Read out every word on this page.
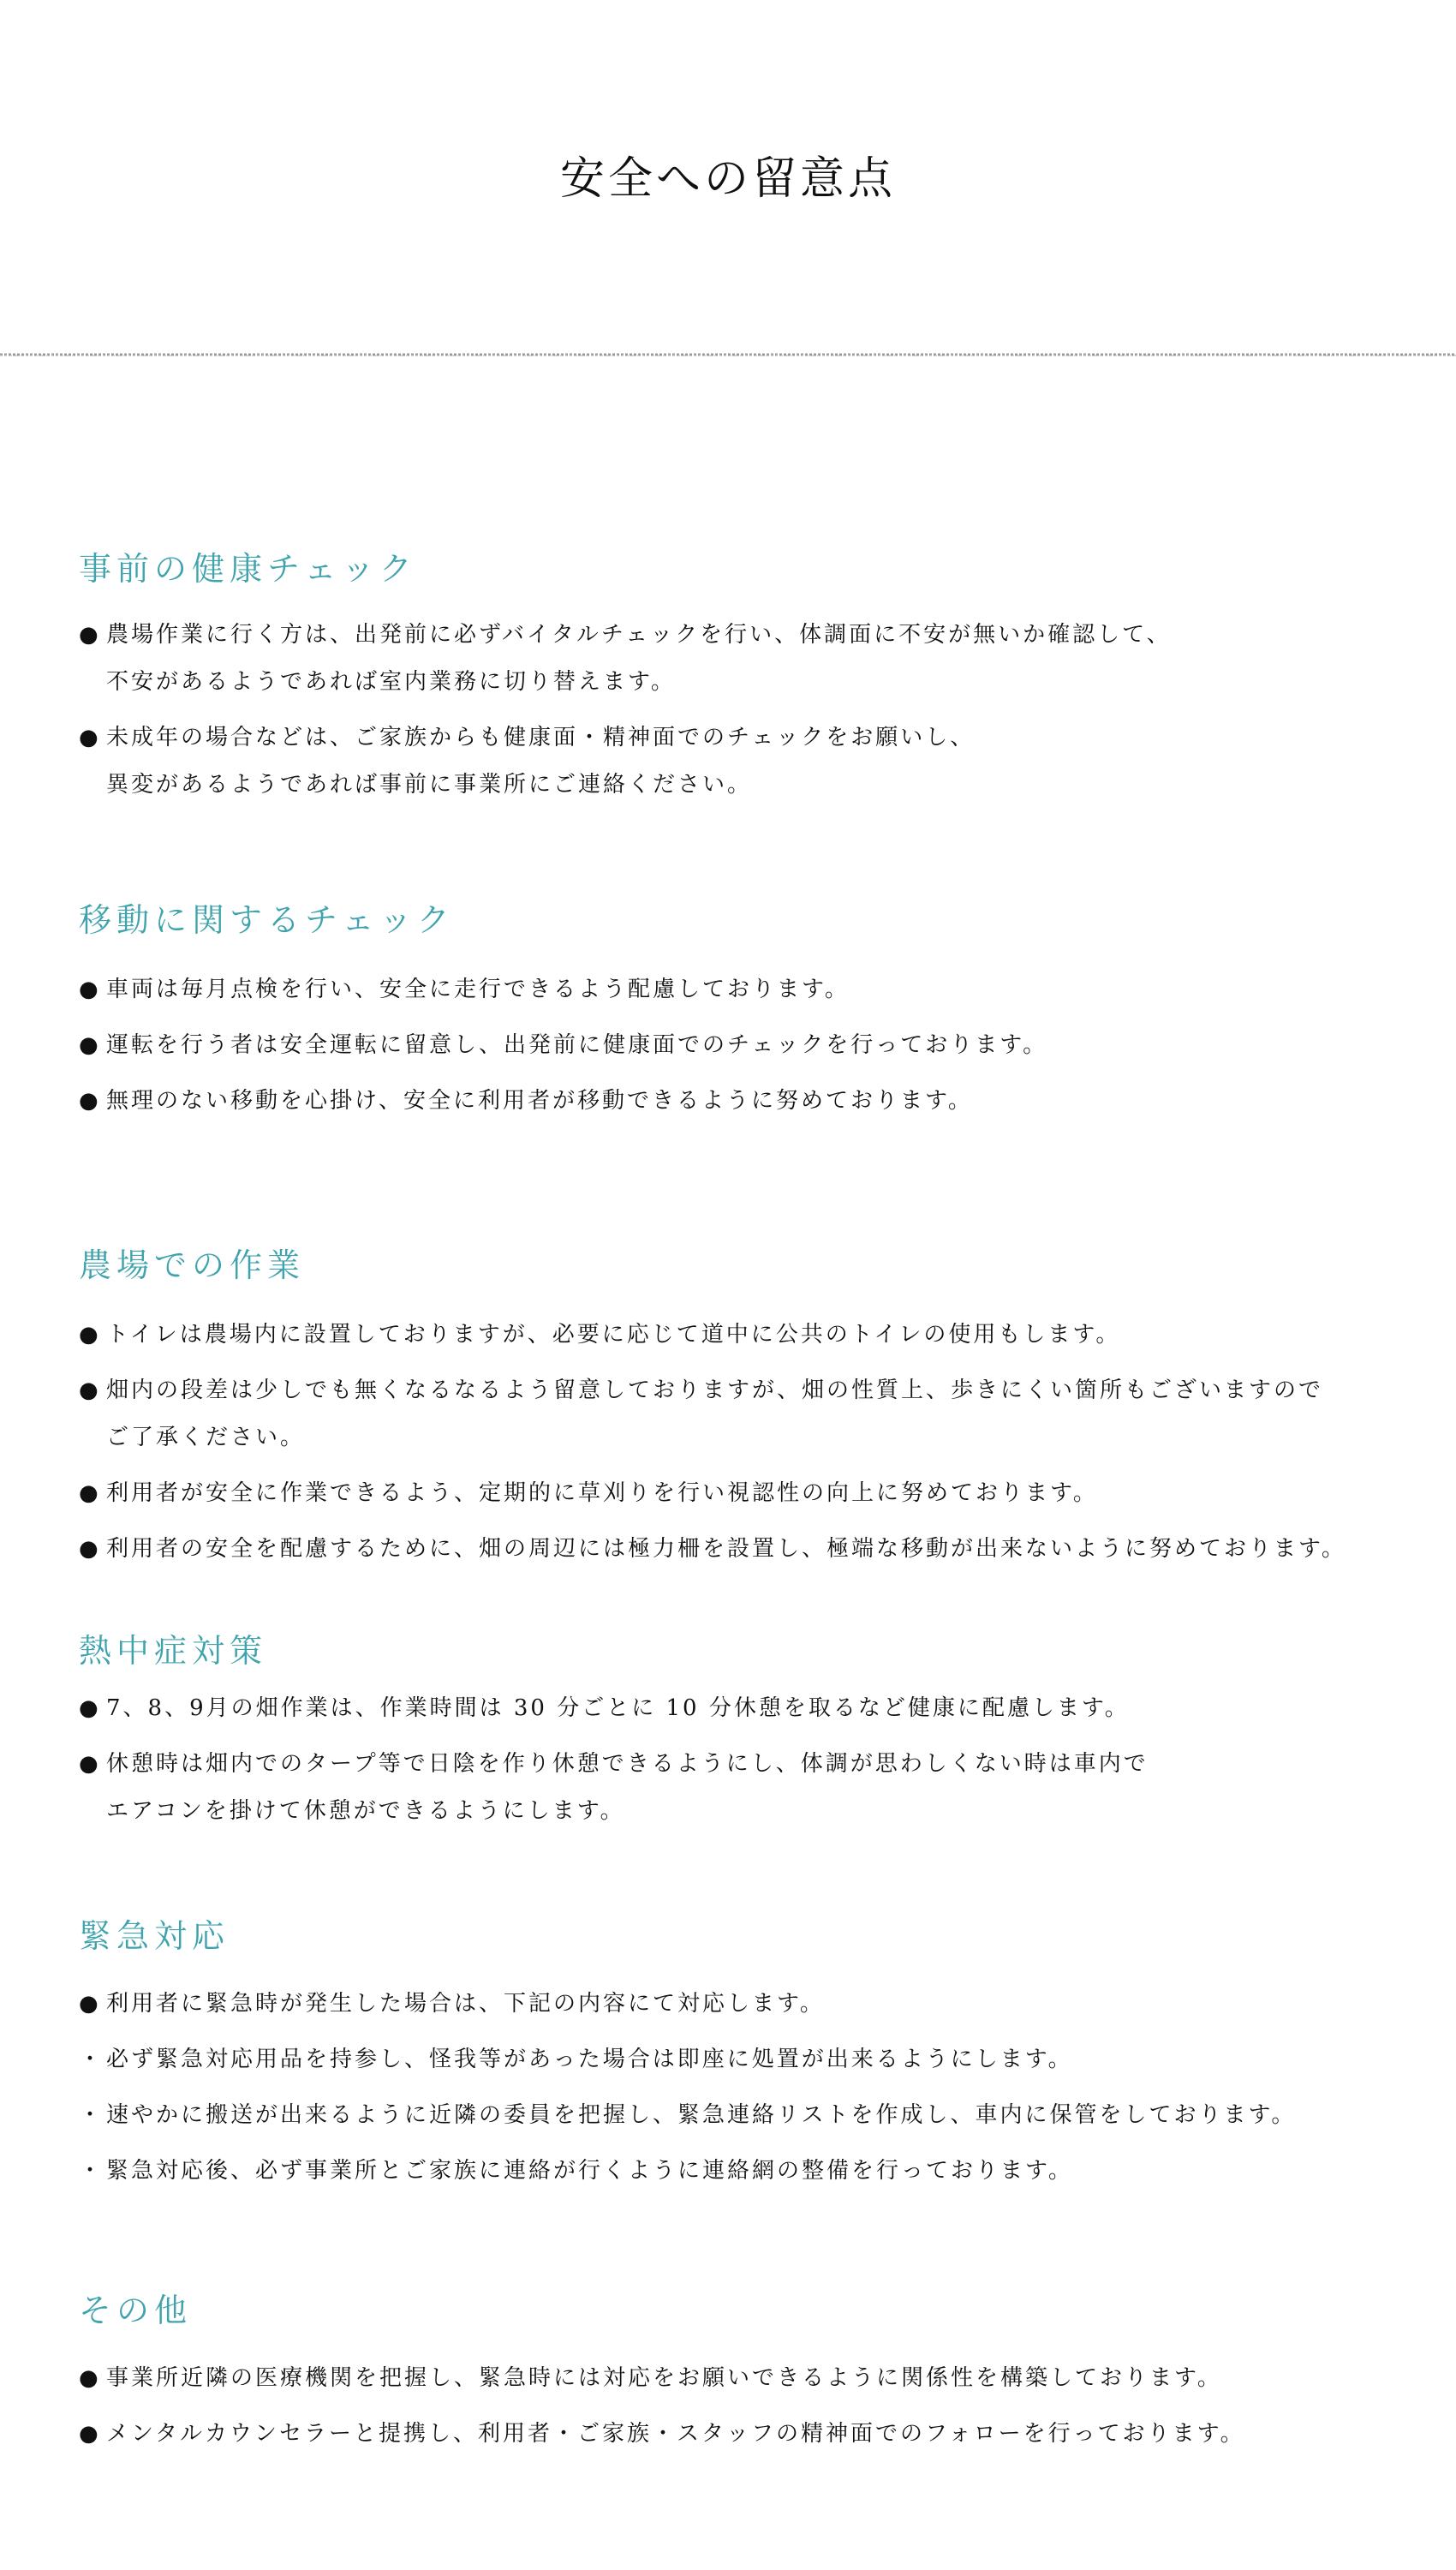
安全への留意点
事前の健康チェック
● 農場作業に行く方は、出発前に必ずバイタルチェックを行い、体調面に不安が無いか確認して、
不安があるようであれば室内業務に切り替えます。
● 未成年の場合などは、ご家族からも健康面・精神面でのチェックをお願いし、
異変があるようであれば事前に事業所にご連絡ください。
移動に関するチェック
● 車両は毎月点検を行い、安全に走行できるよう配慮しております。
● 運転を行う者は安全運転に留意し、出発前に健康面でのチェックを行っております。
● 無理のない移動を心掛け、安全に利用者が移動できるように努めております。
農場での作業
● トイレは農場内に設置しておりますが、必要に応じて道中に公共のトイレの使用もします。
● 畑内の段差は少しでも無くなるなるよう留意しておりますが、畑の性質上、歩きにくい箇所もございますので
ご了承ください。
● 利用者が安全に作業できるよう、定期的に草刈りを行い視認性の向上に努めております。
● 利用者の安全を配慮するために、畑の周辺には極力柵を設置し、極端な移動が出来ないように努めております。
熱中症対策
● 7、8、9月の畑作業は、作業時間は 30 分ごとに 10 分休憩を取るなど健康に配慮します。
● 休憩時は畑内でのタープ等で日陰を作り休憩できるようにし、体調が思わしくない時は車内で
エアコンを掛けて休憩ができるようにします。
緊急対応
● 利用者に緊急時が発生した場合は、下記の内容にて対応します。
・ 必ず緊急対応用品を持参し、怪我等があった場合は即座に処置が出来るようにします。
・ 速やかに搬送が出来るように近隣の委員を把握し、緊急連絡リストを作成し、車内に保管をしております。
・ 緊急対応後、必ず事業所とご家族に連絡が行くように連絡網の整備を行っております。
その他
● 事業所近隣の医療機関を把握し、緊急時には対応をお願いできるように関係性を構築しております。
● メンタルカウンセラーと提携し、利用者・ご家族・スタッフの精神面でのフォローを行っております。
